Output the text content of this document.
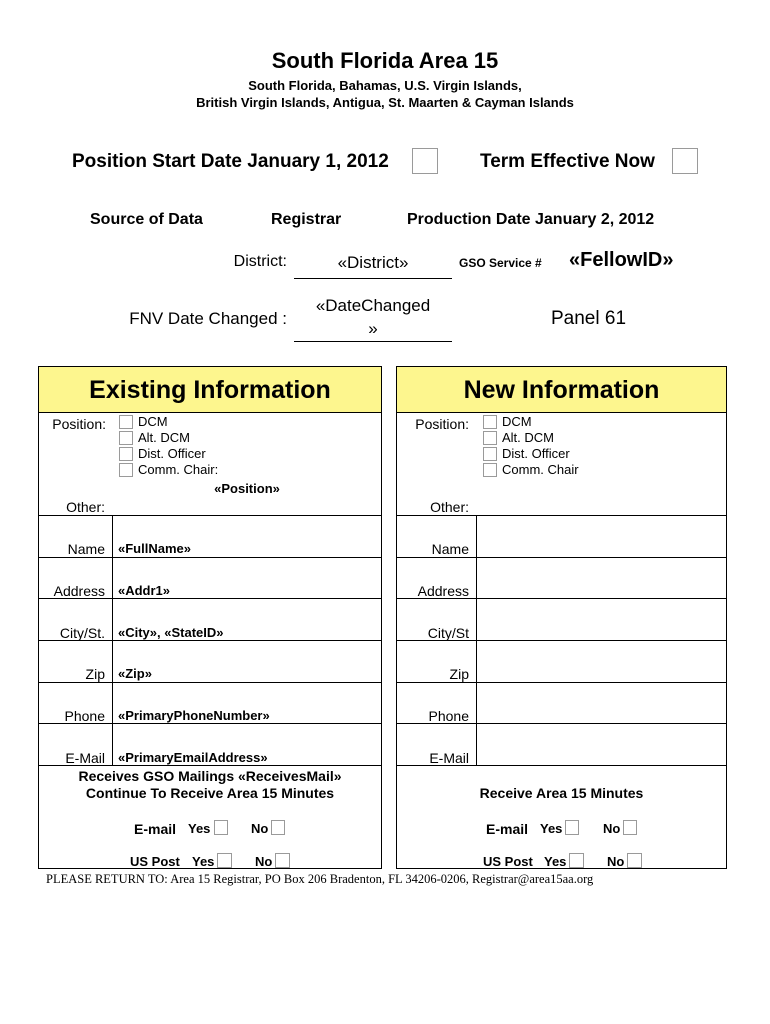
South Florida Area 15
South Florida, Bahamas, U.S. Virgin Islands,
British Virgin Islands, Antigua, St. Maarten & Cayman Islands
Position Start Date January 1, 2012	Term Effective Now
Source of Data	Registrar	Production Date January 2, 2012
District:	«District»	GSO Service # «FellowID»
FNV Date Changed :
«DateChanged
»	Panel 61
Existing Information
Position: DCM
Alt. DCM
Dist. Officer
Comm. Chair:
«Position»
Other:
Name «FullName»
Address «Addr1»
City/St. «City», «StateID»
Zip «Zip»
Phone «PrimaryPhoneNumber»
E-Mail «PrimaryEmailAddress»
Receives GSO Mailings «ReceivesMail»
Continue To Receive Area 15 Minutes
E-mail Yes	No
US Post Yes	No
New Information
Position:	DCM
Alt. DCM
Dist. Officer
Comm. Chair
Other:
Name
Address
City/St
Zip
Phone
E-Mail
Receive Area 15 Minutes
E-mail Yes	No
US Post Yes	No
PLEASE RETURN TO: Area 15 Registrar, PO Box 206 Bradenton, FL 34206-0206, Registrar@area15aa.org
